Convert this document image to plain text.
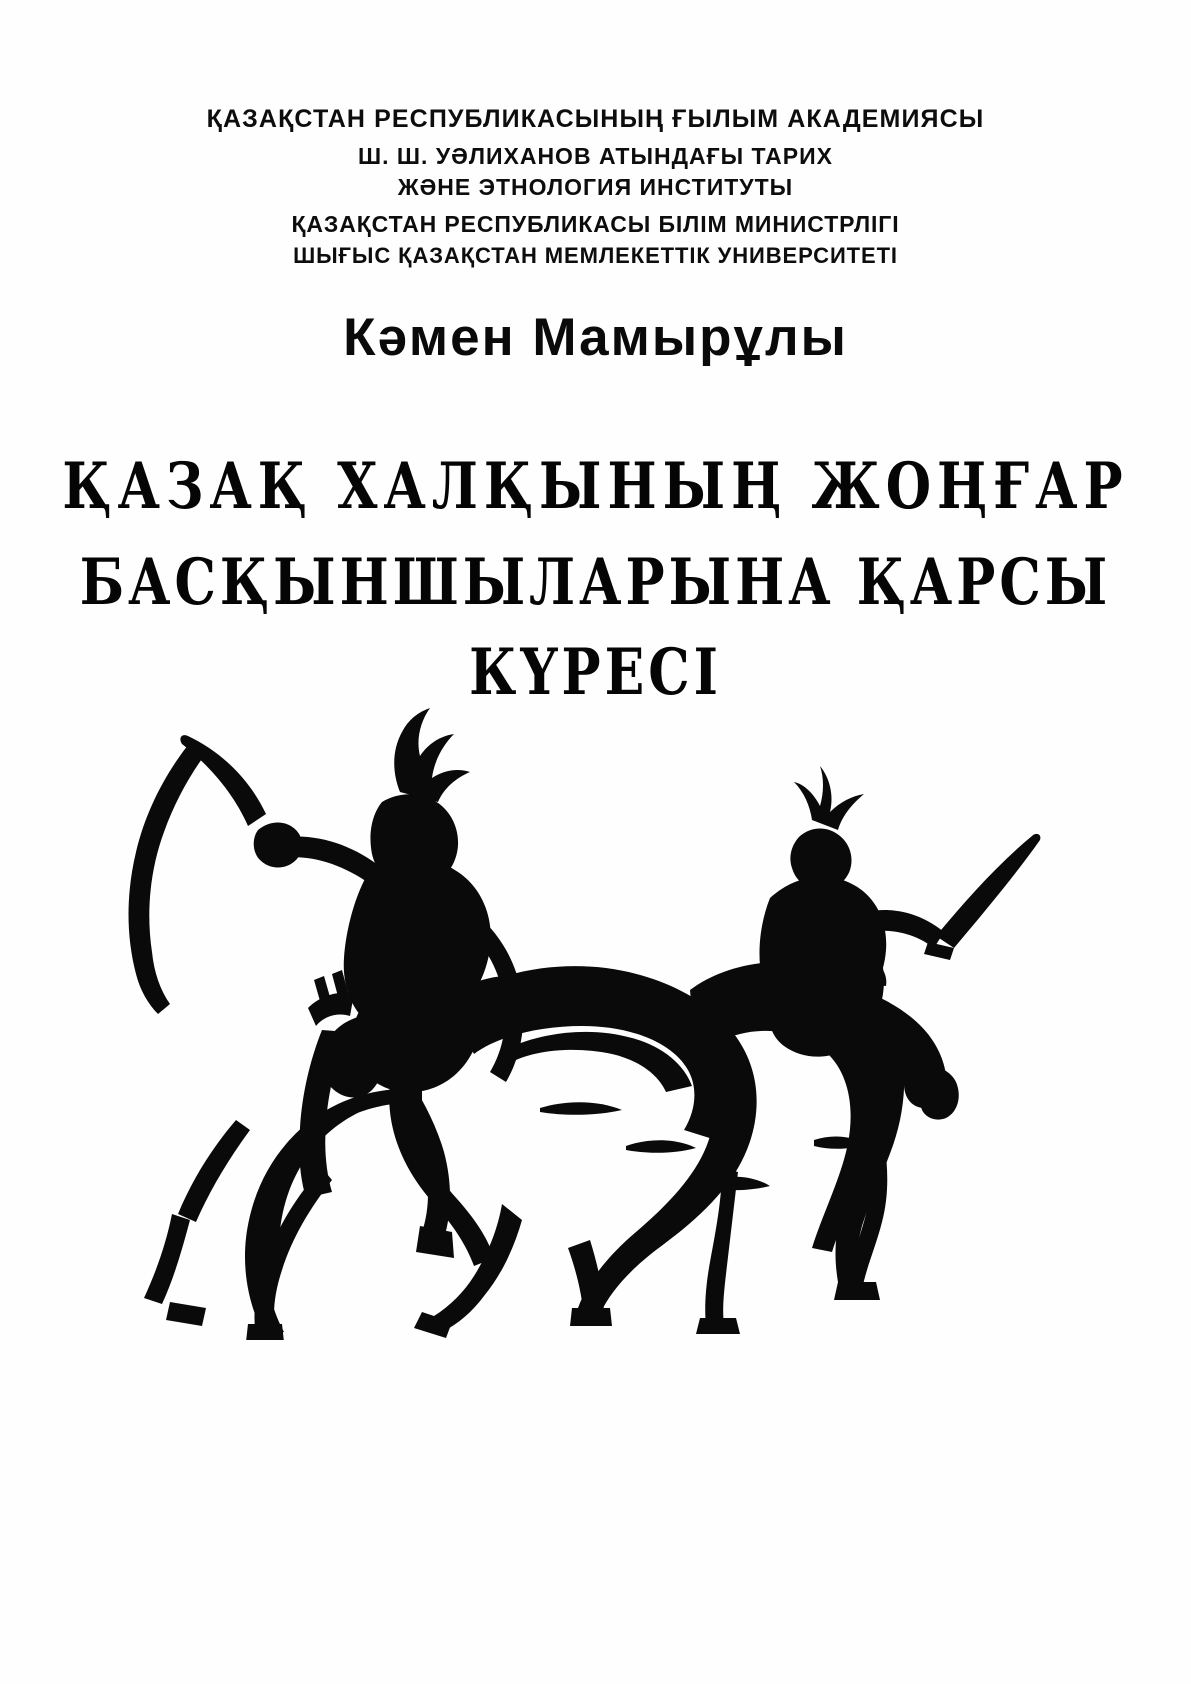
ҚАЗАҚСТАН РЕСПУБЛИКАСЫНЫҢ ҒЫЛЫМ АКАДЕМИЯСЫ
Ш. Ш. УӘЛИХАНОВ АТЫНДАҒЫ ТАРИХ
ЖӘНЕ ЭТНОЛОГИЯ ИНСТИТУТЫ
ҚАЗАҚСТАН РЕСПУБЛИКАСЫ БІЛІМ МИНИСТРЛІГІ
ШЫҒЫС ҚАЗАҚСТАН МЕМЛЕКЕТТІК УНИВЕРСИТЕТІ
Кәмен Мамырұлы
ҚАЗАҚ ХАЛҚЫНЫҢ ЖОҢҒАР
БАСҚЫНШЫЛАРЫНА ҚАРСЫ КҮРЕСІ
